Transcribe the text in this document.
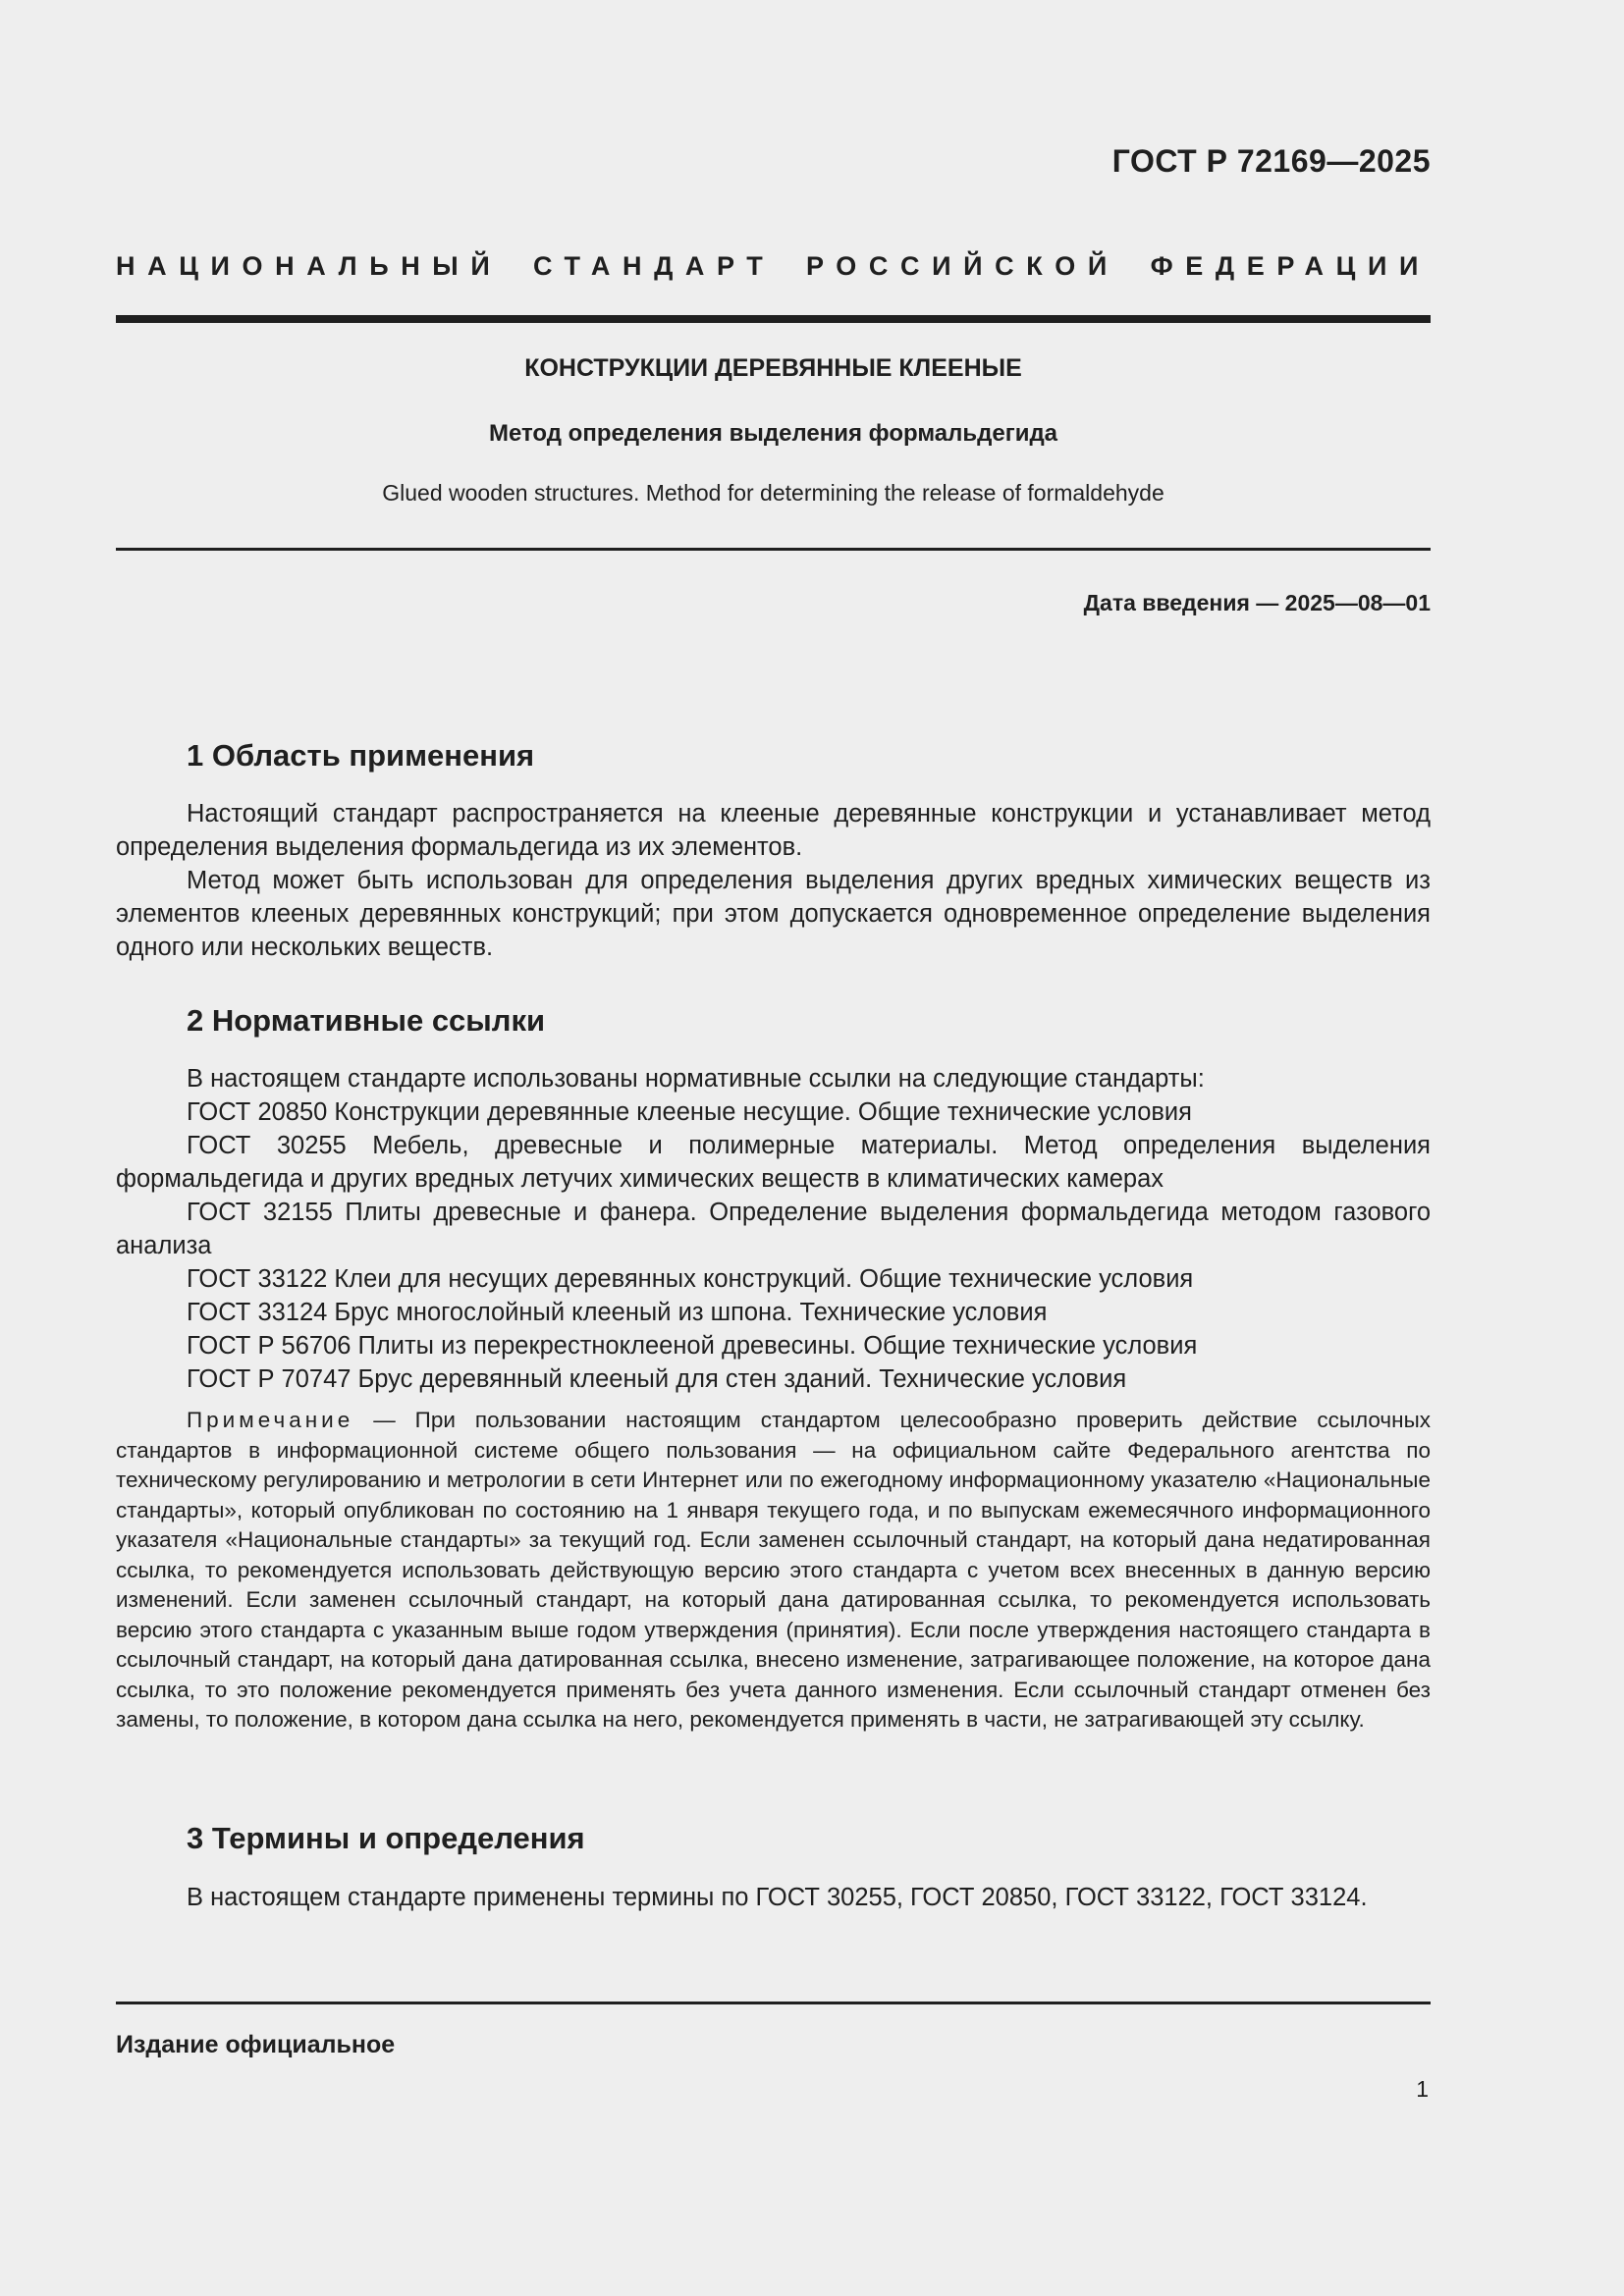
ГОСТ Р 72169—2025
НАЦИОНАЛЬНЫЙ СТАНДАРТ РОССИЙСКОЙ ФЕДЕРАЦИИ
КОНСТРУКЦИИ ДЕРЕВЯННЫЕ КЛЕЕНЫЕ
Метод определения выделения формальдегида
Glued wooden structures. Method for determining the release of formaldehyde
Дата введения — 2025—08—01
1 Область применения

Настоящий стандарт распространяется на клееные деревянные конструкции и устанавливает метод определения выделения формальдегида из их элементов.

Метод может быть использован для определения выделения других вредных химических веществ из элементов клееных деревянных конструкций; при этом допускается одновременное определение выделения одного или нескольких веществ.

2 Нормативные ссылки

В настоящем стандарте использованы нормативные ссылки на следующие стандарты:

ГОСТ 20850 Конструкции деревянные клееные несущие. Общие технические условия

ГОСТ 30255 Мебель, древесные и полимерные материалы. Метод определения выделения формальдегида и других вредных летучих химических веществ в климатических камерах

ГОСТ 32155 Плиты древесные и фанера. Определение выделения формальдегида методом газового анализа

ГОСТ 33122 Клеи для несущих деревянных конструкций. Общие технические условия

ГОСТ 33124 Брус многослойный клееный из шпона. Технические условия

ГОСТ Р 56706 Плиты из перекрестноклееной древесины. Общие технические условия

ГОСТ Р 70747 Брус деревянный клееный для стен зданий. Технические условия

Примечание — При пользовании настоящим стандартом целесообразно проверить действие ссылочных стандартов в информационной системе общего пользования — на официальном сайте Федерального агентства по техническому регулированию и метрологии в сети Интернет или по ежегодному информационному указателю «Национальные стандарты», который опубликован по состоянию на 1 января текущего года, и по выпускам ежемесячного информационного указателя «Национальные стандарты» за текущий год. Если заменен ссылочный стандарт, на который дана недатированная ссылка, то рекомендуется использовать действующую версию этого стандарта с учетом всех внесенных в данную версию изменений. Если заменен ссылочный стандарт, на который дана датированная ссылка, то рекомендуется использовать версию этого стандарта с указанным выше годом утверждения (принятия). Если после утверждения настоящего стандарта в ссылочный стандарт, на который дана датированная ссылка, внесено изменение, затрагивающее положение, на которое дана ссылка, то это положение рекомендуется применять без учета данного изменения. Если ссылочный стандарт отменен без замены, то положение, в котором дана ссылка на него, рекомендуется применять в части, не затрагивающей эту ссылку.

3 Термины и определения

В настоящем стандарте применены термины по ГОСТ 30255, ГОСТ 20850, ГОСТ 33122, ГОСТ 33124.

Издание официальное
1
